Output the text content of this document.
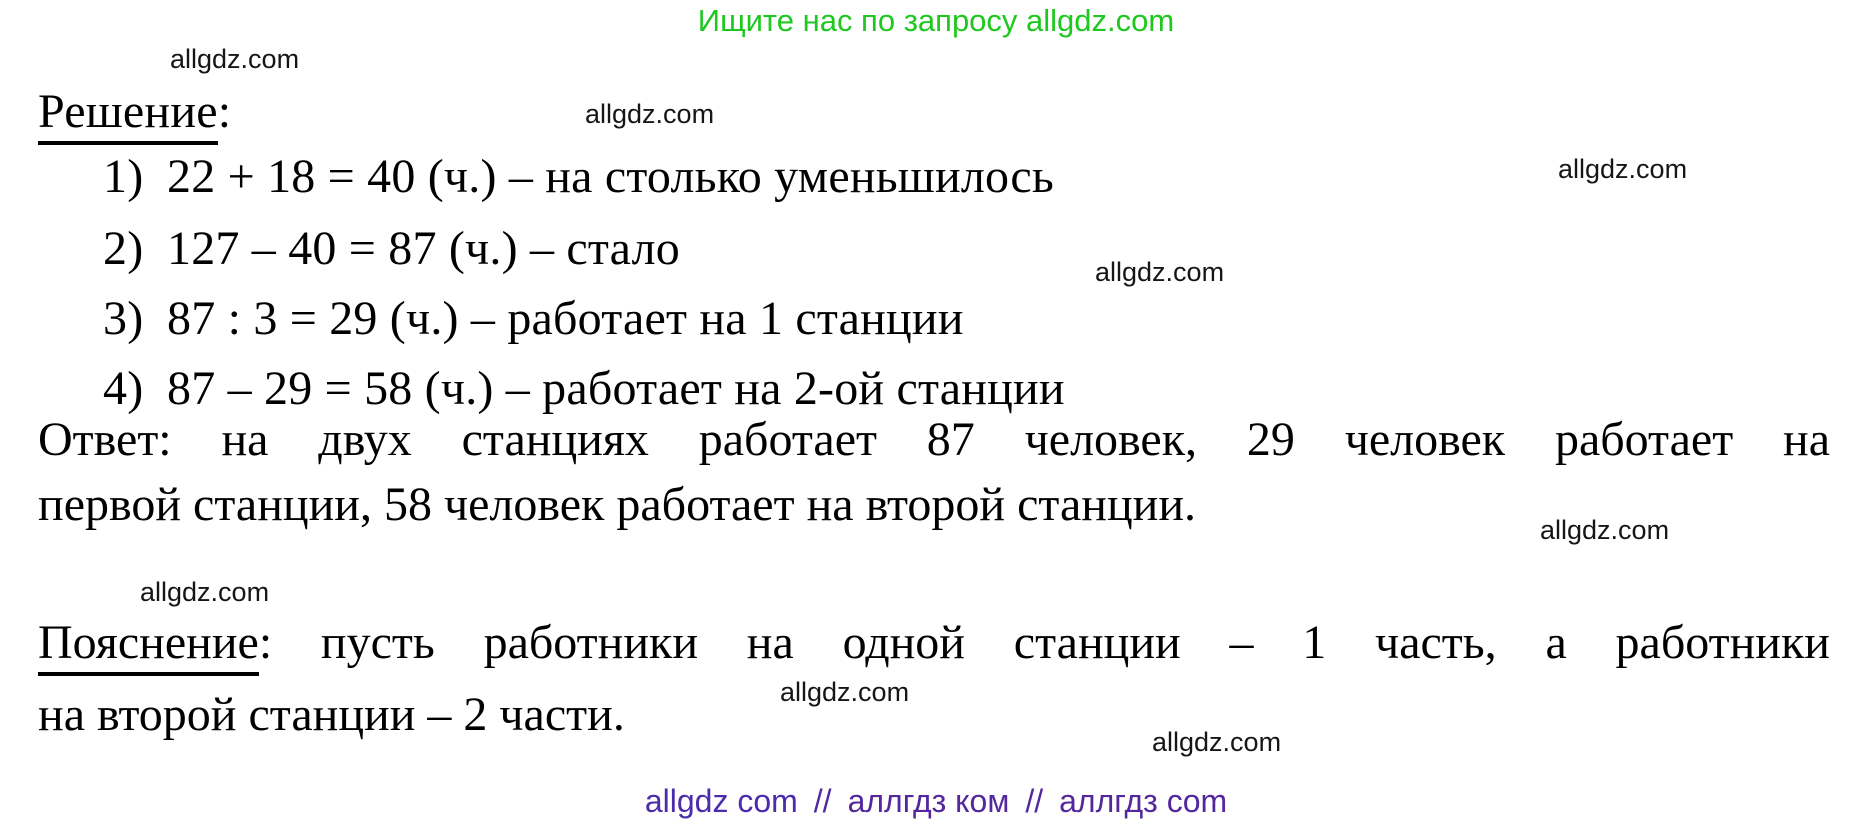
Ищите нас по запросу allgdz.com
allgdz.com
allgdz.com
allgdz.com
allgdz.com
allgdz.com
allgdz.com
allgdz.com
allgdz.com
Решение:
1) 22 + 18 = 40 (ч.) – на столько уменьшилось
2) 127 – 40 = 87 (ч.) – стало
3) 87 : 3 = 29 (ч.) – работает на 1 станции
4) 87 – 29 = 58 (ч.) – работает на 2-ой станции
Ответ: на двух станциях работает 87 человек, 29 человек работает на
первой станции, 58 человек работает на второй станции.
Пояснение: пусть работники на одной станции – 1 часть, а работники
на второй станции – 2 части.
allgdz com // аллгдз ком // аллгдз com
